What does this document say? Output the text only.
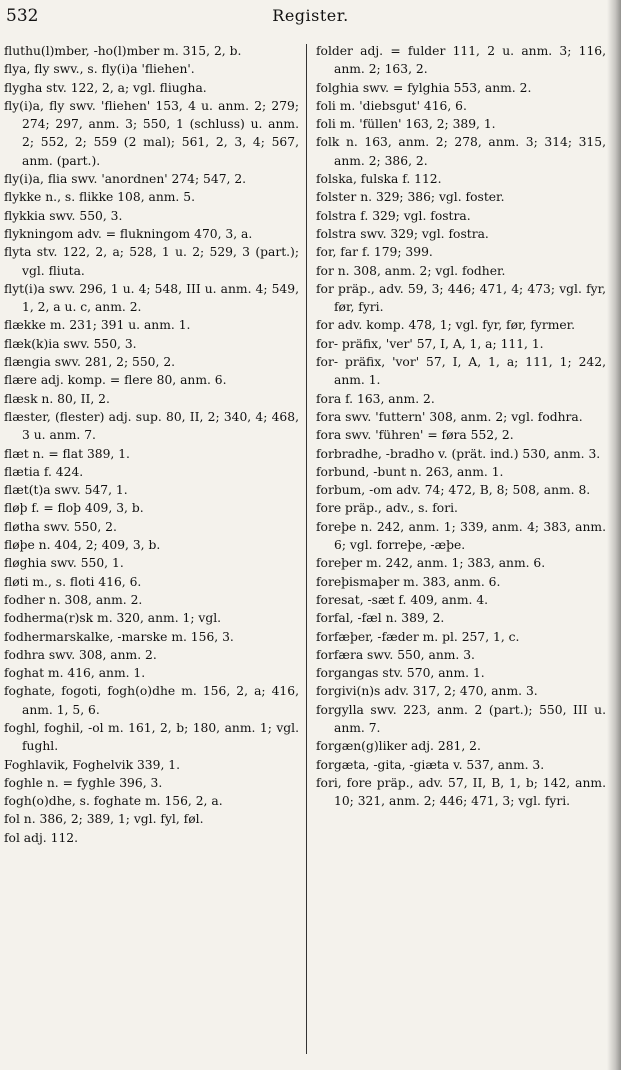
532	Register.

fluthu(l)mber, -ho(l)mber m. 315, 2, b.

flya, fly swv., s. fly(i)a 'fliehen'.

flygha stv. 122, 2, a; vgl. fliugha.

fly(i)a, fly swv. 'fliehen' 153, 4 u. anm. 2; 279; 274; 297, anm. 3; 550, 1 (schluss) u. anm. 2; 552, 2; 559 (2 mal); 561, 2, 3, 4; 567, anm. (part.).

fly(i)a, flia swv. 'anordnen' 274; 547, 2.

flykke n., s. flikke 108, anm. 5.

flykkia swv. 550, 3.

flykningom adv. = flukningom 470, 3, a.

flyta stv. 122, 2, a; 528, 1 u. 2; 529, 3 (part.); vgl. fliuta.

flyt(i)a swv. 296, 1 u. 4; 548, III u. anm. 4; 549, 1, 2, a u. c, anm. 2.

flække m. 231; 391 u. anm. 1.

flæk(k)ia swv. 550, 3.

flængia swv. 281, 2; 550, 2.

flære adj. komp. = flere 80, anm. 6.

flæsk n. 80, II, 2.

flæster, (flester) adj. sup. 80, II, 2; 340, 4; 468, 3 u. anm. 7.

flæt n. = flat 389, 1.

flætia f. 424.

flæt(t)a swv. 547, 1.

fløþ f. = floþ 409, 3, b.

fløtha swv. 550, 2.

fløþe n. 404, 2; 409, 3, b.

fløghia swv. 550, 1.

fløti m., s. floti 416, 6.

fodher n. 308, anm. 2.

fodherma(r)sk m. 320, anm. 1; vgl.

fodhermarskalke, -marske m. 156, 3.

fodhra swv. 308, anm. 2.

foghat m. 416, anm. 1.

foghate, fogoti, fogh(o)dhe m. 156, 2, a; 416, anm. 1, 5, 6.

foghl, foghil, -ol m. 161, 2, b; 180, anm. 1; vgl. fughl.

Foghlavik, Foghelvik 339, 1.

foghle n. = fyghle 396, 3.

fogh(o)dhe, s. foghate m. 156, 2, a.

fol n. 386, 2; 389, 1; vgl. fyl, føl.

fol adj. 112.

folder adj. = fulder 111, 2 u. anm. 3; 116, anm. 2; 163, 2.

folghia swv. = fylghia 553, anm. 2.

foli m. 'diebsgut' 416, 6.

foli m. 'füllen' 163, 2; 389, 1.

folk n. 163, anm. 2; 278, anm. 3; 314; 315, anm. 2; 386, 2.

folska, fulska f. 112.

folster n. 329; 386; vgl. foster.

folstra f. 329; vgl. fostra.

folstra swv. 329; vgl. fostra.

for, far f. 179; 399.

for n. 308, anm. 2; vgl. fodher.

for präp., adv. 59, 3; 446; 471, 4; 473; vgl. fyr, før, fyri.

for adv. komp. 478, 1; vgl. fyr, før, fyrmer.

for- präfix, 'ver' 57, I, A, 1, a; 111, 1.

for- präfix, 'vor' 57, I, A, 1, a; 111, 1; 242, anm. 1.

fora f. 163, anm. 2.

fora swv. 'futtern' 308, anm. 2; vgl. fodhra.

fora swv. 'führen' = føra 552, 2.

forbradhe, -bradho v. (prät. ind.) 530, anm. 3.

forbund, -bunt n. 263, anm. 1.

forbum, -om adv. 74; 472, B, 8; 508, anm. 8.

fore präp., adv., s. fori.

foreþe n. 242, anm. 1; 339, anm. 4; 383, anm. 6; vgl. forreþe, -æþe.

foreþer m. 242, anm. 1; 383, anm. 6.

foreþismaþer m. 383, anm. 6.

foresat, -sæt f. 409, anm. 4.

forfal, -fæl n. 389, 2.

forfæþer, -fæder m. pl. 257, 1, c.

forfæra swv. 550, anm. 3.

forgangas stv. 570, anm. 1.

forgivi(n)s adv. 317, 2; 470, anm. 3.

forgylla swv. 223, anm. 2 (part.); 550, III u. anm. 7.

forgæn(g)liker adj. 281, 2.

forgæta, -gita, -giæta v. 537, anm. 3.

fori, fore präp., adv. 57, II, B, 1, b; 142, anm. 10; 321, anm. 2; 446; 471, 3; vgl. fyri.
